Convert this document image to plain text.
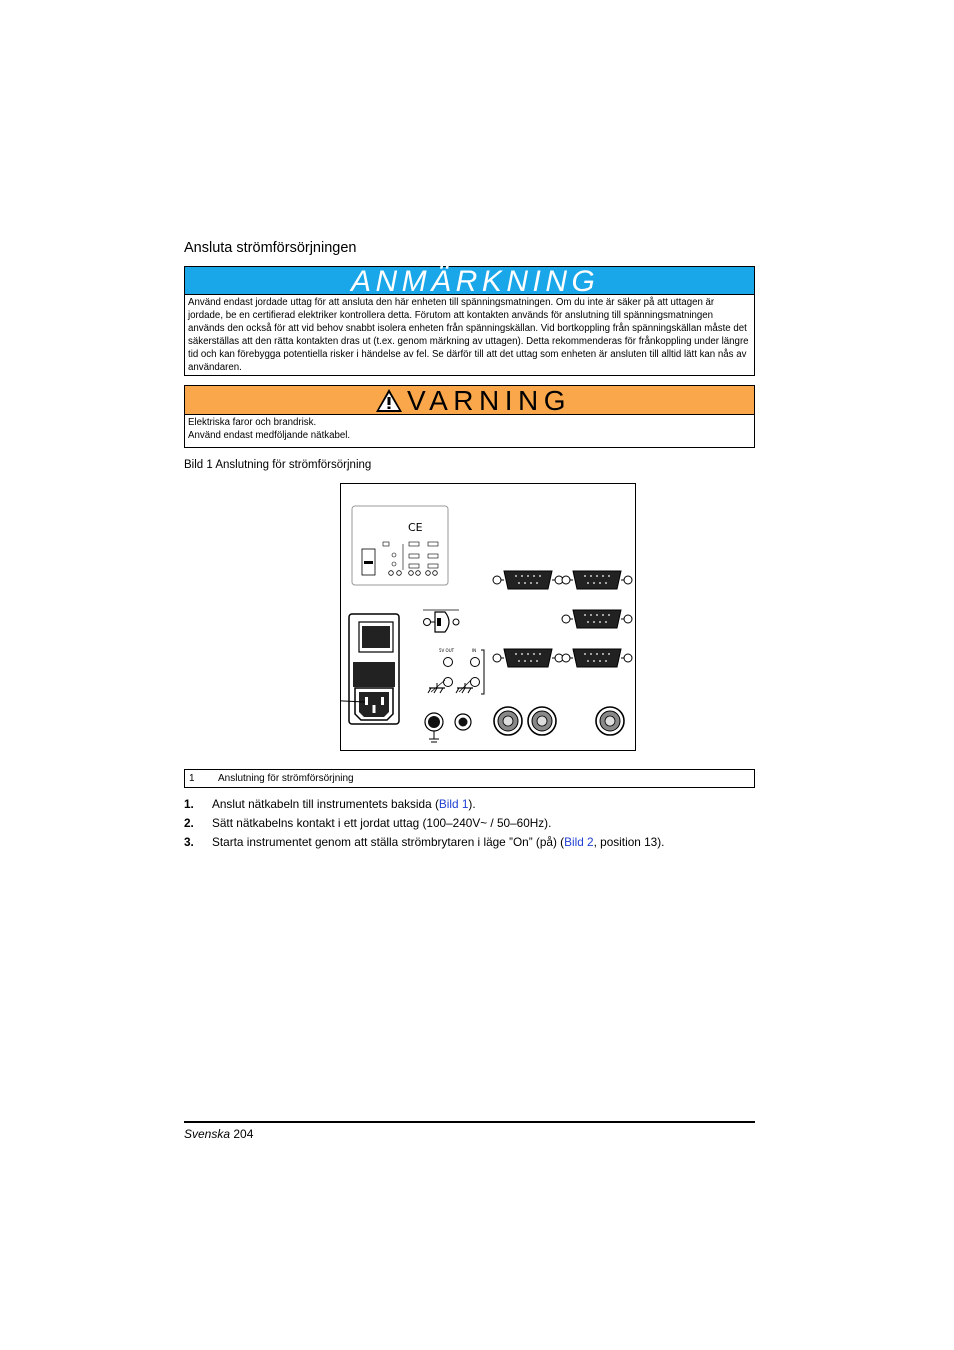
Ansluta strömförsörjningen
ANMÄRKNING

Använd endast jordade uttag för att ansluta den här enheten till spänningsmatningen. Om du inte är säker på att uttagen är jordade, be en certifierad elektriker kontrollera detta. Förutom att kontakten används för anslutning till spänningsmatningen används den också för att vid behov snabbt isolera enheten från spänningskällan. Vid bortkoppling från spänningskällan måste det säkerställas att den rätta kontakten dras ut (t.ex. genom märkning av uttagen). Detta rekommenderas för frånkoppling under längre tid och kan förebygga potentiella risker i händelse av fel. Se därför till att det uttag som enheten är ansluten till alltid lätt kan nås av användaren.

VARNING
Elektriska faror och brandrisk.
Använd endast medföljande nätkabel.
Bild 1 Anslutning för strömförsörjning
CE
5V OUT	IN
1 Anslutning för strömförsörjning
1. Anslut nätkabeln till instrumentets baksida (Bild 1).
2. Sätt nätkabelns kontakt i ett jordat uttag (100–240V~ / 50–60Hz).
3. Starta instrumentet genom att ställa strömbrytaren i läge ”On” (på) (Bild 2, position 13).
Svenska 204
